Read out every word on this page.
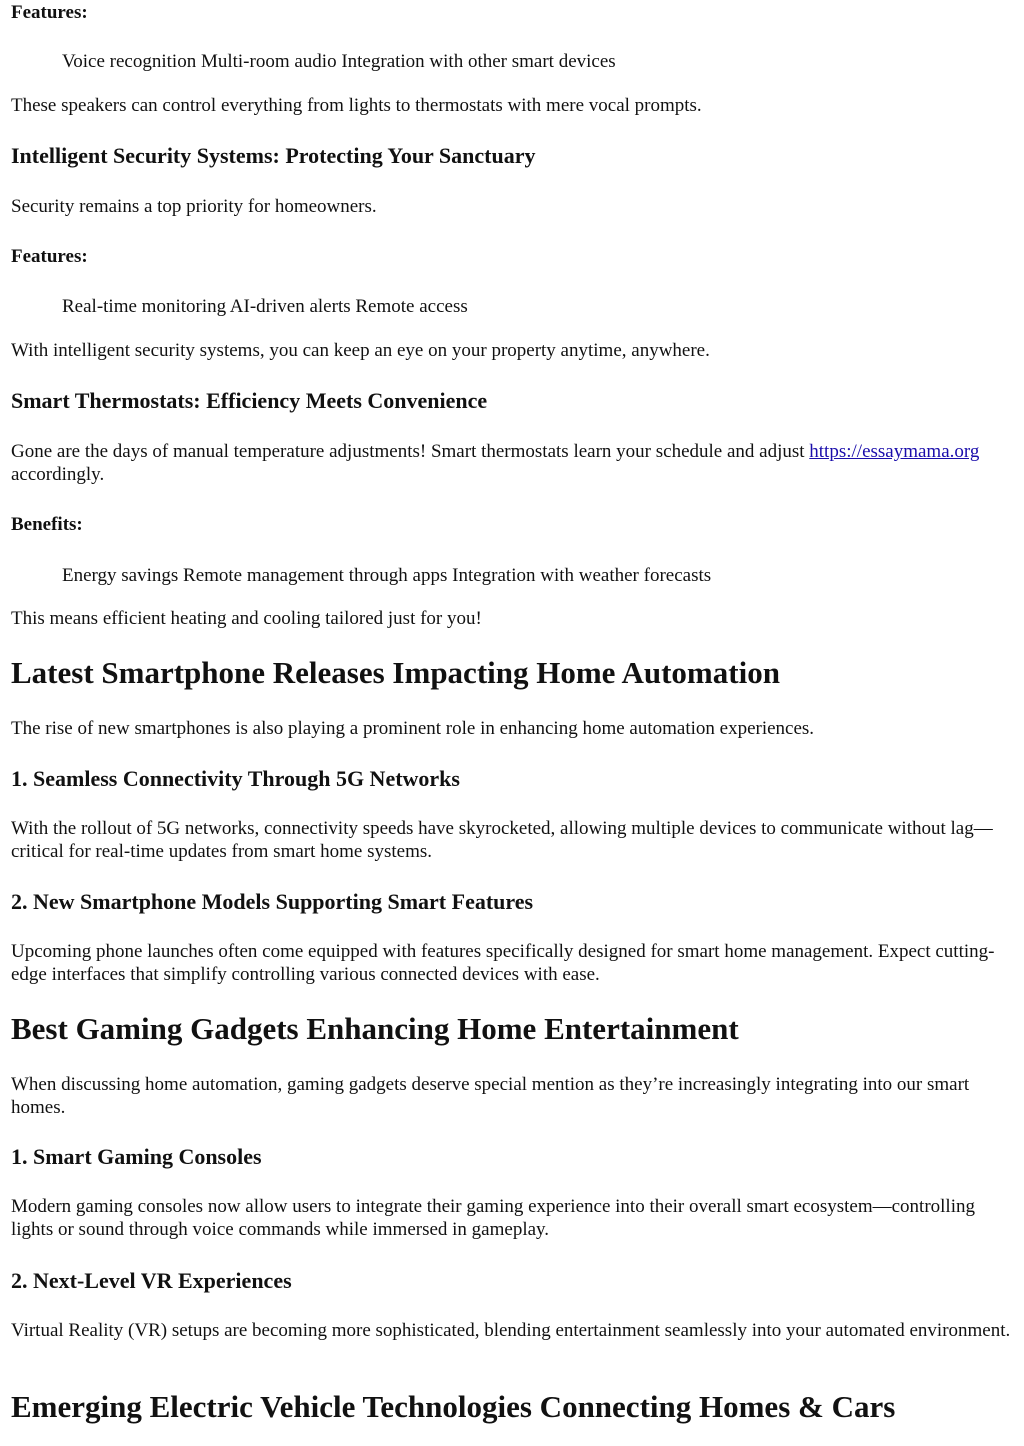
Features:

Voice recognition Multi-room audio Integration with other smart devices

These speakers can control everything from lights to thermostats with mere vocal prompts.

Intelligent Security Systems: Protecting Your Sanctuary

Security remains a top priority for homeowners.

Features:

Real-time monitoring AI-driven alerts Remote access

With intelligent security systems, you can keep an eye on your property anytime, anywhere.

Smart Thermostats: Efficiency Meets Convenience

Gone are the days of manual temperature adjustments! Smart thermostats learn your schedule and adjust https://essaymama.org accordingly.

Benefits:

Energy savings Remote management through apps Integration with weather forecasts

This means efficient heating and cooling tailored just for you!

Latest Smartphone Releases Impacting Home Automation

The rise of new smartphones is also playing a prominent role in enhancing home automation experiences.

1. Seamless Connectivity Through 5G Networks

With the rollout of 5G networks, connectivity speeds have skyrocketed, allowing multiple devices to communicate without lag—critical for real-time updates from smart home systems.

2. New Smartphone Models Supporting Smart Features

Upcoming phone launches often come equipped with features specifically designed for smart home management. Expect cutting-edge interfaces that simplify controlling various connected devices with ease.

Best Gaming Gadgets Enhancing Home Entertainment

When discussing home automation, gaming gadgets deserve special mention as they’re increasingly integrating into our smart homes.

1. Smart Gaming Consoles

Modern gaming consoles now allow users to integrate their gaming experience into their overall smart ecosystem—controlling lights or sound through voice commands while immersed in gameplay.

2. Next-Level VR Experiences

Virtual Reality (VR) setups are becoming more sophisticated, blending entertainment seamlessly into your automated environment.

Emerging Electric Vehicle Technologies Connecting Homes & Cars
